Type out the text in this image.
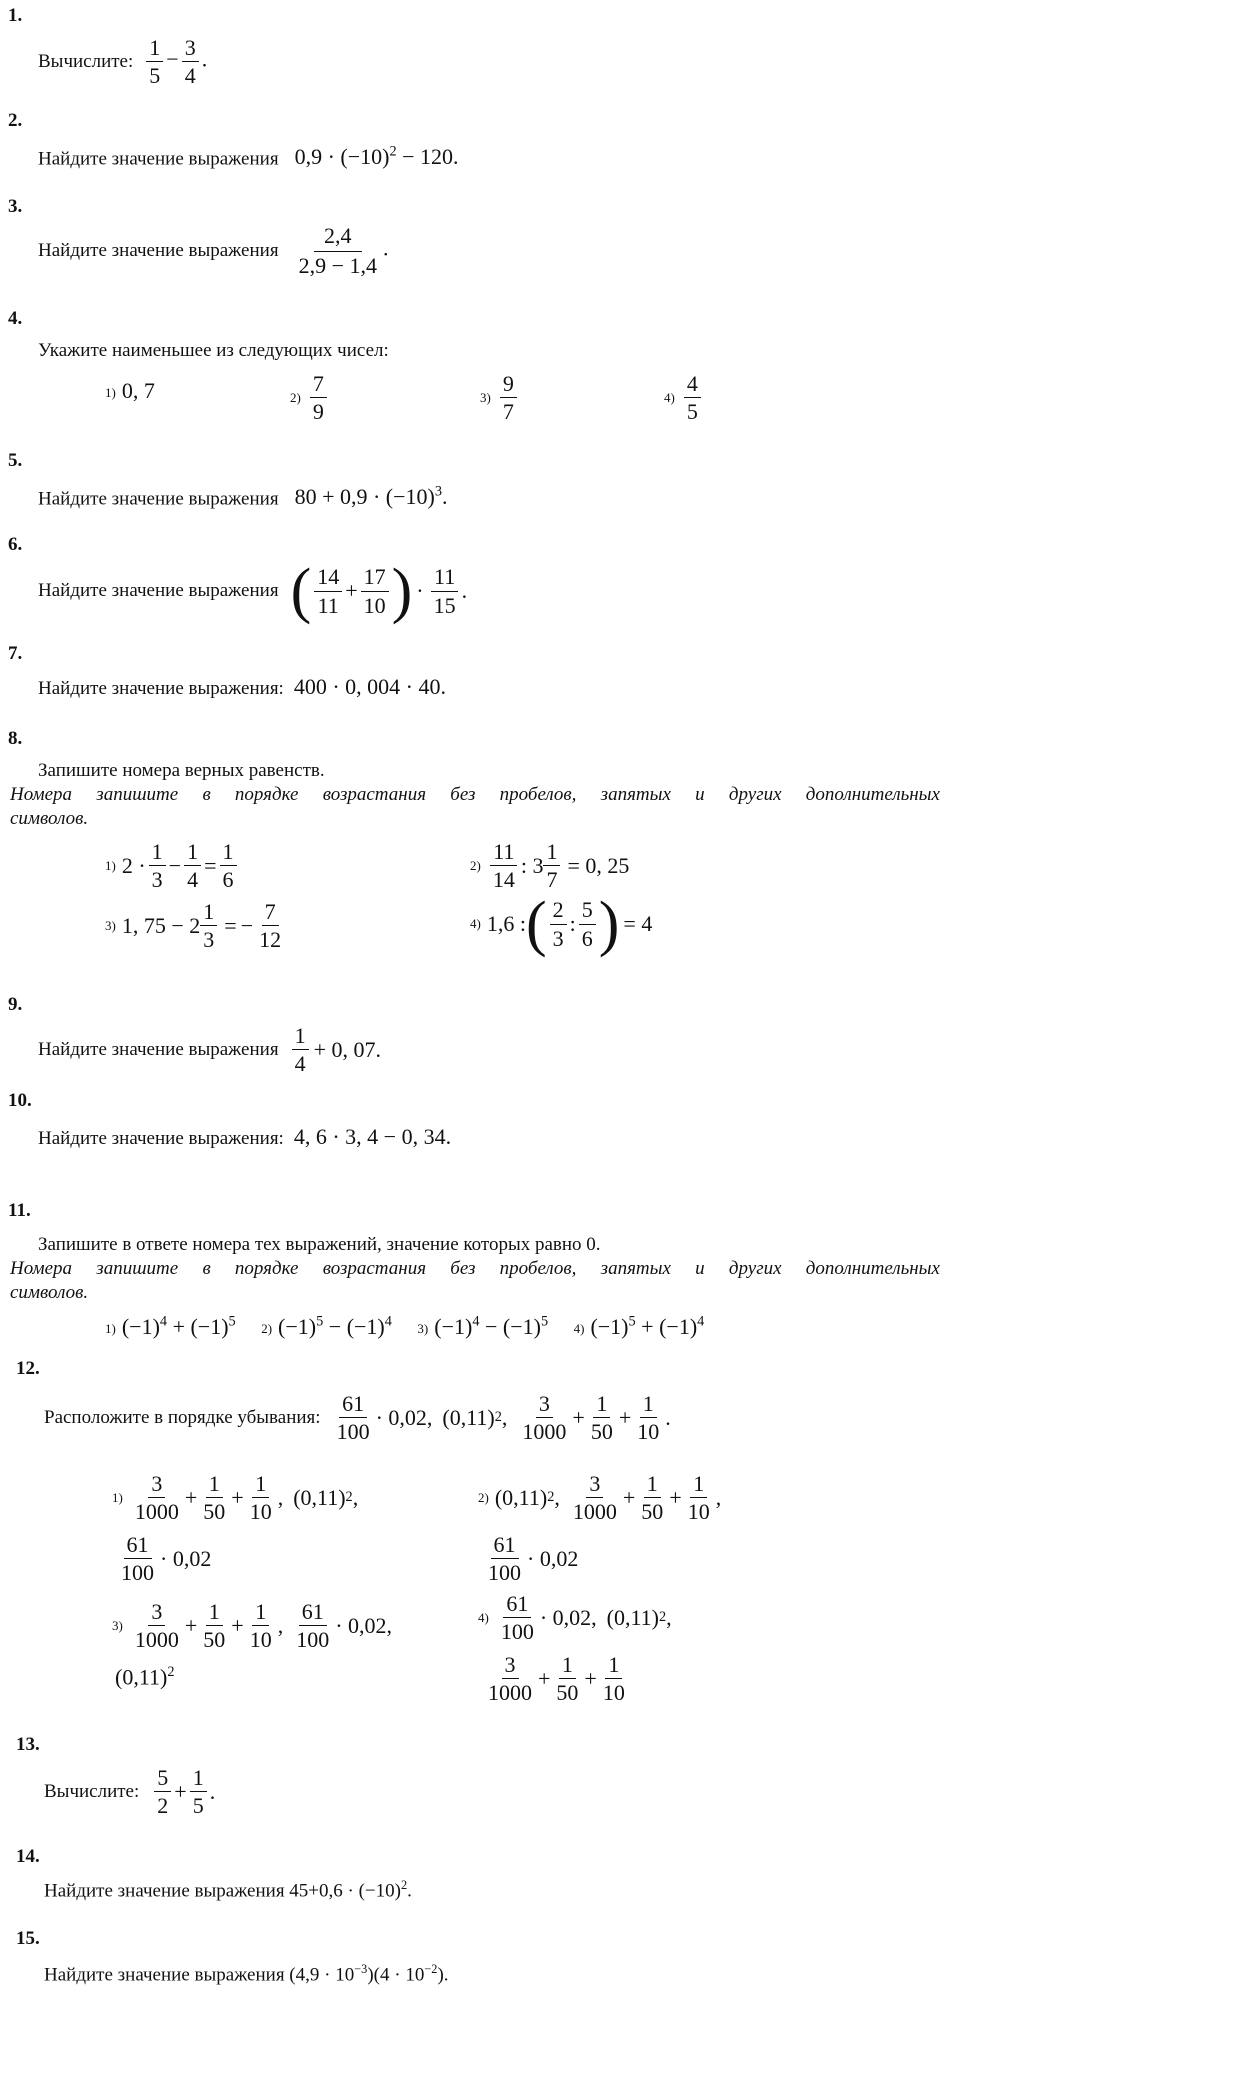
1.
Вычислите: $\frac{1}{5} - \frac{3}{4}$ .
2.
Найдите значение выражения $0,9 \cdot (-10)^2 - 120$.
3.
Найдите значение выражения $\frac{2,4}{2,9 - 1,4}$ .
4.
Укажите наименьшее из следующих чисел:
1) 0, 7	$2) \frac{7}{9}$	$3) \frac{9}{7}$	$4) \frac{4}{5}$
5.
Найдите значение выражения $80 + 0,9 \cdot (-10)^3$.
6.
Найдите значение выражения ( $\frac{14}{11} + \frac{17}{10}$ ) · $\frac{11}{15}$ .
7.
Найдите значение выражения: 400 · 0, 004 · 40.
8.
Запишите номера верных равенств.
Номера запишите в порядке возрастания без пробелов, запятых и других дополнительных
символов.
1) $2 \cdot \frac{1}{3} - \frac{1}{4} = \frac{1}{6}$	$2) \frac{11}{14}$ : $3 \frac{1}{7} = 0$, 25
3) 1, $75 - 2 \frac{1}{3}$ = − $\frac{7}{12}$	4) 1,6 : ( $\frac{2}{3}$ : $\frac{5}{6}$ ) = 4
9.
Найдите значение выражения $\frac{1}{4} + 0$, 07.
10.
Найдите значение выражения: 4, 6 · 3, 4 − 0, 34.
11.
Запишите в ответе номера тех выражений, значение которых равно 0.
Номера запишите в порядке возрастания без пробелов, запятых и других дополнительных
символов.
1) $(-1)^4 + (-1)^5$ 2) $(-1)^5 - (-1)^4$ 3) $(-1)^4 - (-1)^5$ 4) $(-1)^5 + (-1)^4$
12.
Расположите в порядке убывания: $\frac{61}{100} \cdot 0,02$, (0,11) 2 , $\frac{3}{1000} + \frac{1}{50} + \frac{1}{10}$ .
$1) \frac{3}{1000} + \frac{1}{50} + \frac{1}{10}$ , (0,11) 2 ,
$\frac{61}{100} \cdot 0,02$
2) (0,11) 2 , $\frac{3}{1000} + \frac{1}{50} + \frac{1}{10}$ ,
$\frac{61}{100} \cdot 0,02$
$3) \frac{3}{1000} + \frac{1}{50} + \frac{1}{10}$ , $\frac{61}{100} \cdot 0,02$,
$(0,11)^2$
$4) \frac{61}{100} \cdot 0,02$, (0,11) 2 ,
$\frac{3}{1000} + \frac{1}{50} + \frac{1}{10}$
13.
Вычислите: $\frac{5}{2} + \frac{1}{5}$ .
14.
Найдите значение выражения $45+0,6 \cdot (-10)^2$.
15.
Найдите значение выражения $(4,9 \cdot 10^{-3})(4 \cdot 10^{-2})$.
